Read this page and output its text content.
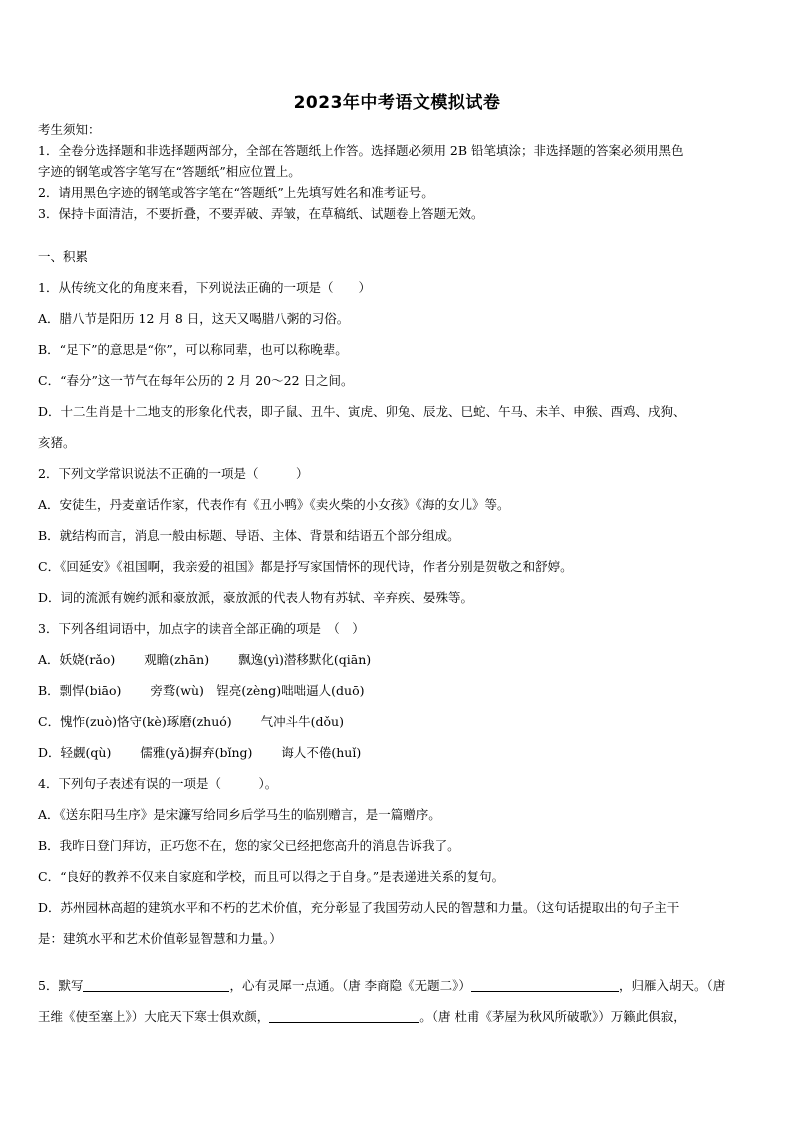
2023年中考语文模拟试卷

考生须知：

1．全卷分选择题和非选择题两部分，全部在答题纸上作答。选择题必须用 2B 铅笔填涂；非选择题的答案必须用黑色

字迹的钢笔或答字笔写在“答题纸”相应位置上。

2．请用黑色字迹的钢笔或答字笔在“答题纸”上先填写姓名和准考证号。

3．保持卡面清洁，不要折叠，不要弄破、弄皱，在草稿纸、试题卷上答题无效。

一、积累

1．从传统文化的角度来看，下列说法正确的一项是（　　）

A．腊八节是阳历 12 月 8 日，这天又喝腊八粥的习俗。

B．“足下”的意思是“你”，可以称同辈，也可以称晚辈。

C．“春分”这一节气在每年公历的 2 月 20～22 日之间。

D．十二生肖是十二地支的形象化代表，即子鼠、丑牛、寅虎、卯兔、辰龙、巳蛇、午马、未羊、申猴、酉鸡、戌狗、

亥猪。

2．下列文学常识说法不正确的一项是（　　　）

A．安徒生，丹麦童话作家，代表作有《丑小鸭》《卖火柴的小女孩》《海的女儿》等。

B．就结构而言，消息一般由标题、导语、主体、背景和结语五个部分组成。

C．《回延安》《祖国啊，我亲爱的祖国》都是抒写家国情怀的现代诗，作者分别是贺敬之和舒婷。

D．词的流派有婉约派和豪放派，豪放派的代表人物有苏轼、辛弃疾、晏殊等。

3．下列各组词语中，加点字的读音全部正确的项是　（　）

A．妖娆(rǎo)　　 观瞻(zhān)　　 飘逸(yì)潜移默化(qiān)

B．剽悍(biāo)　　 旁骛(wù)　锃亮(zèng)咄咄逼人(duō)

C．愧怍(zuò)恪守(kè)琢磨(zhuó)　　 气冲斗牛(dǒu)

D．轻觑(qù)　　 儒雅(yǎ)摒弃(bǐng)　　 诲人不倦(huǐ)

4．下列句子表述有误的一项是（　　　）。

A．《送东阳马生序》是宋濂写给同乡后学马生的临别赠言，是一篇赠序。

B．我昨日登门拜访，正巧您不在，您的家父已经把您高升的消息告诉我了。

C．“良好的教养不仅来自家庭和学校，而且可以得之于自身。”是表递进关系的复句。

D．苏州园林高超的建筑水平和不朽的艺术价值，充分彰显了我国劳动人民的智慧和力量。（这句话提取出的句子主干

是：建筑水平和艺术价值彰显智慧和力量。）

5．默写	，心有灵犀一点通。（唐 李商隐《无题二》）	，归雁入胡天。（唐

王维《使至塞上》）大庇天下寒士俱欢颜，	。（唐 杜甫《茅屋为秋风所破歌》）万籁此俱寂，
